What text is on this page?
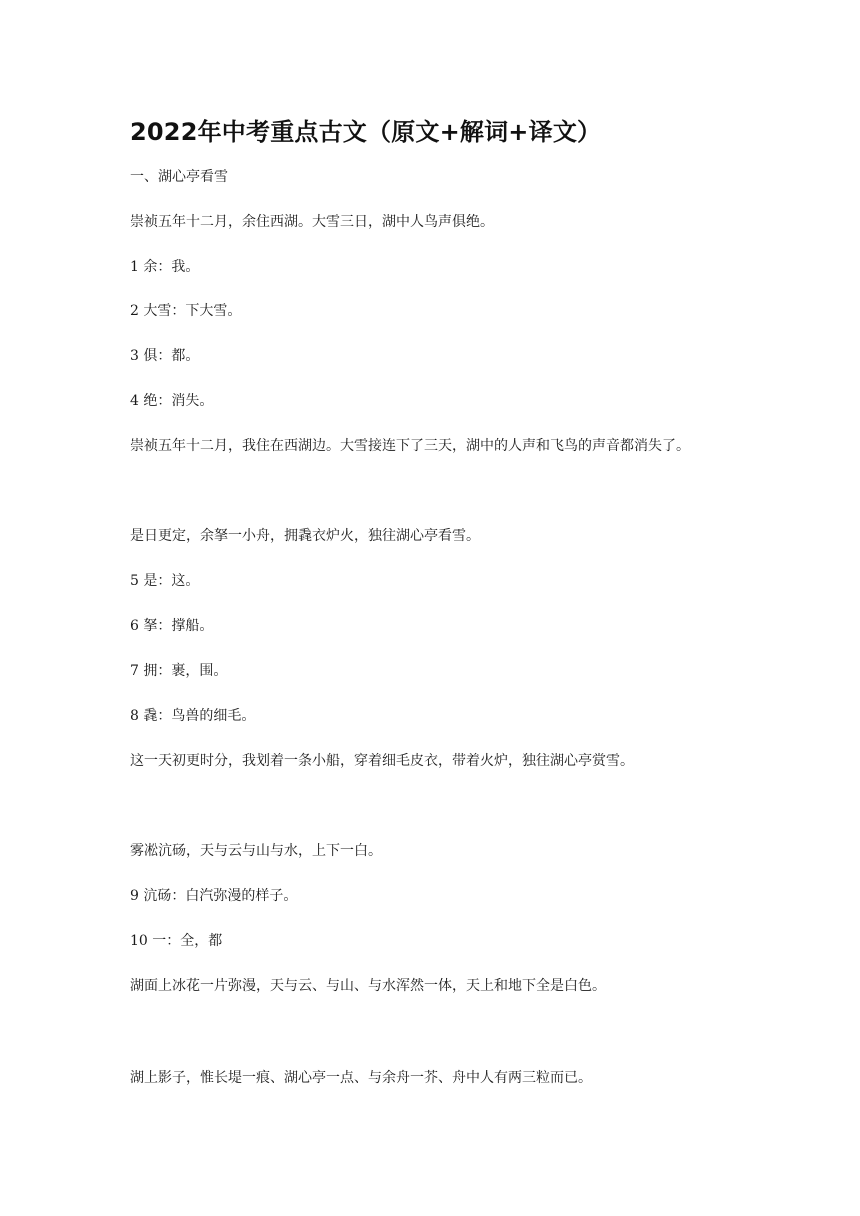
2022年中考重点古文（原文+解词+译文）
一、湖心亭看雪
崇祯五年十二月，余住西湖。大雪三日，湖中人鸟声俱绝。
1 余：我。
2 大雪：下大雪。
3 俱：都。
4 绝：消失。
崇祯五年十二月，我住在西湖边。大雪接连下了三天，湖中的人声和飞鸟的声音都消失了。
是日更定，余拏一小舟，拥毳衣炉火，独往湖心亭看雪。
5 是：这。
6 拏：撑船。
7 拥：裹，围。
8 毳：鸟兽的细毛。
这一天初更时分，我划着一条小船，穿着细毛皮衣，带着火炉，独往湖心亭赏雪。
雾凇沆砀，天与云与山与水，上下一白。
9 沆砀：白汽弥漫的样子。
10 一：全，都
湖面上冰花一片弥漫，天与云、与山、与水浑然一体，天上和地下全是白色。
湖上影子，惟长堤一痕、湖心亭一点、与余舟一芥、舟中人有两三粒而已。
